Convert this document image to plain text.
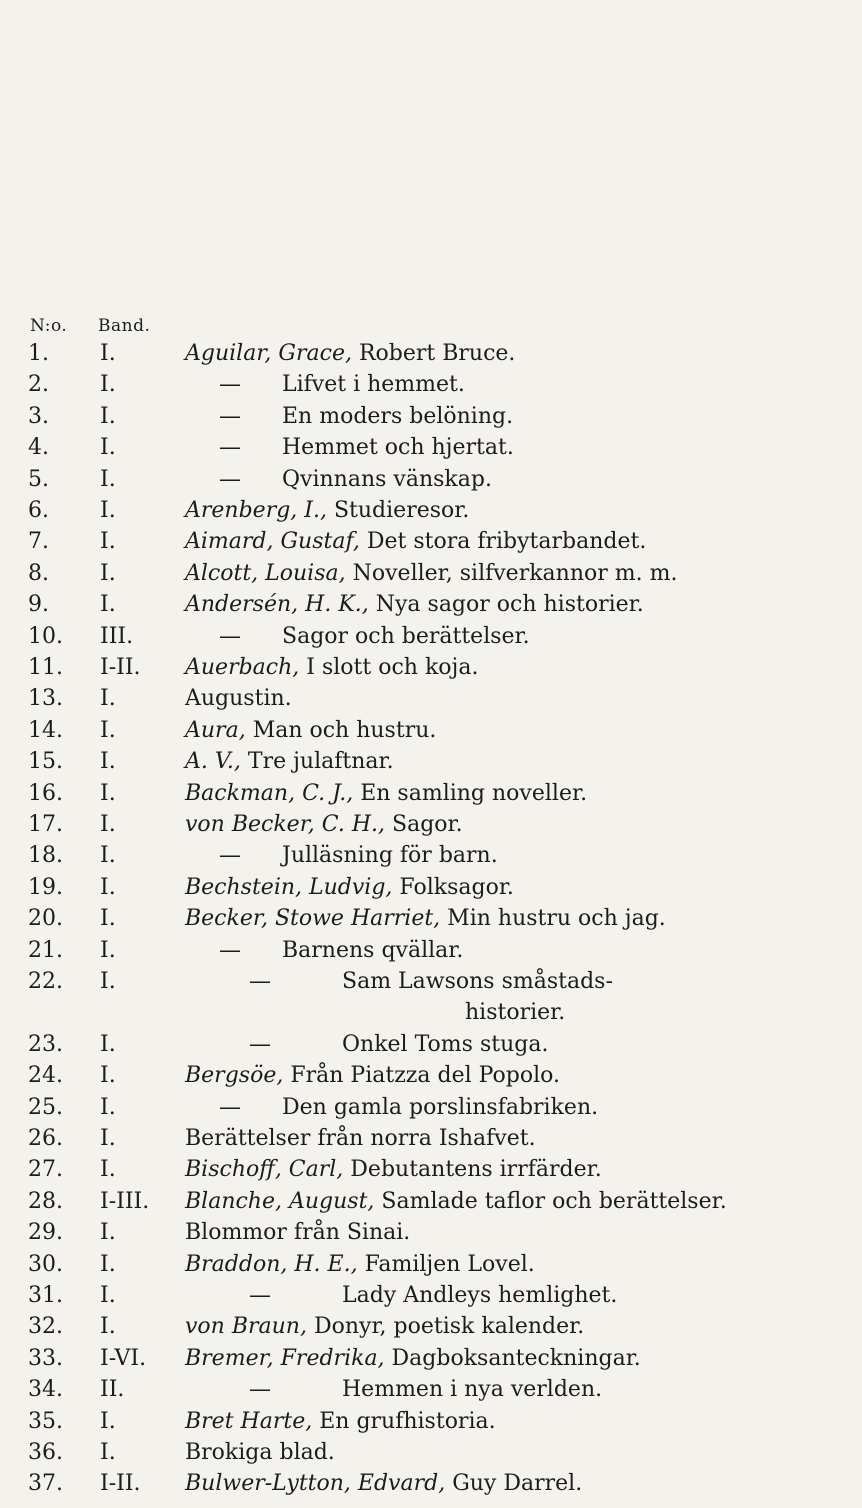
N:o. Band.
1.	I.	Aguilar, Grace, Robert Bruce.
2.	I.	— Lifvet i hemmet.
3.	I.	— En moders belöning.
4.	I.	— Hemmet och hjertat.
5.	I.	— Qvinnans vänskap.
6.	I.	Arenberg, I., Studieresor.
7.	I.	Aimard, Gustaf, Det stora fribytarbandet.
8.	I.	Alcott, Louisa, Noveller, silfverkannor m. m.
9.	I.	Andersén, H. K., Nya sagor och historier.
10.	III.	— Sagor och berättelser.
11.	I-II.	Auerbach, I slott och koja.
13.	I.	Augustin.
14.	I.	Aura, Man och hustru.
15.	I.	A. V., Tre julaftnar.
16.	I.	Backman, C. J., En samling noveller.
17.	I.	von Becker, C. H., Sagor.
18.	I.	— Julläsning för barn.
19.	I.	Bechstein, Ludvig, Folksagor.
20.	I.	Becker, Stowe Harriet, Min hustru och jag.
21.	I.	— Barnens qvällar.
22.	I.	—	Sam Lawsons småstads-
historier.
23.	I.	—	Onkel Toms stuga.
24.	I.	Bergsöe, Från Piatzza del Popolo.
25.	I.	— Den gamla porslinsfabriken.
26.	I.	Berättelser från norra Ishafvet.
27.	I.	Bischoff, Carl, Debutantens irrfärder.
28.	I-III.	Blanche, August, Samlade taflor och berättelser.
29.	I.	Blommor från Sinai.
30.	I.	Braddon, H. E., Familjen Lovel.
31.	I.	—	Lady Andleys hemlighet.
32.	I.	von Braun, Donyr, poetisk kalender.
33.	I-VI.	Bremer, Fredrika, Dagboksanteckningar.
34.	II.	—	Hemmen i nya verlden.
35.	I.	Bret Harte, En grufhistoria.
36.	I.	Brokiga blad.
37.	I-II.	Bulwer-Lytton, Edvard, Guy Darrel.
